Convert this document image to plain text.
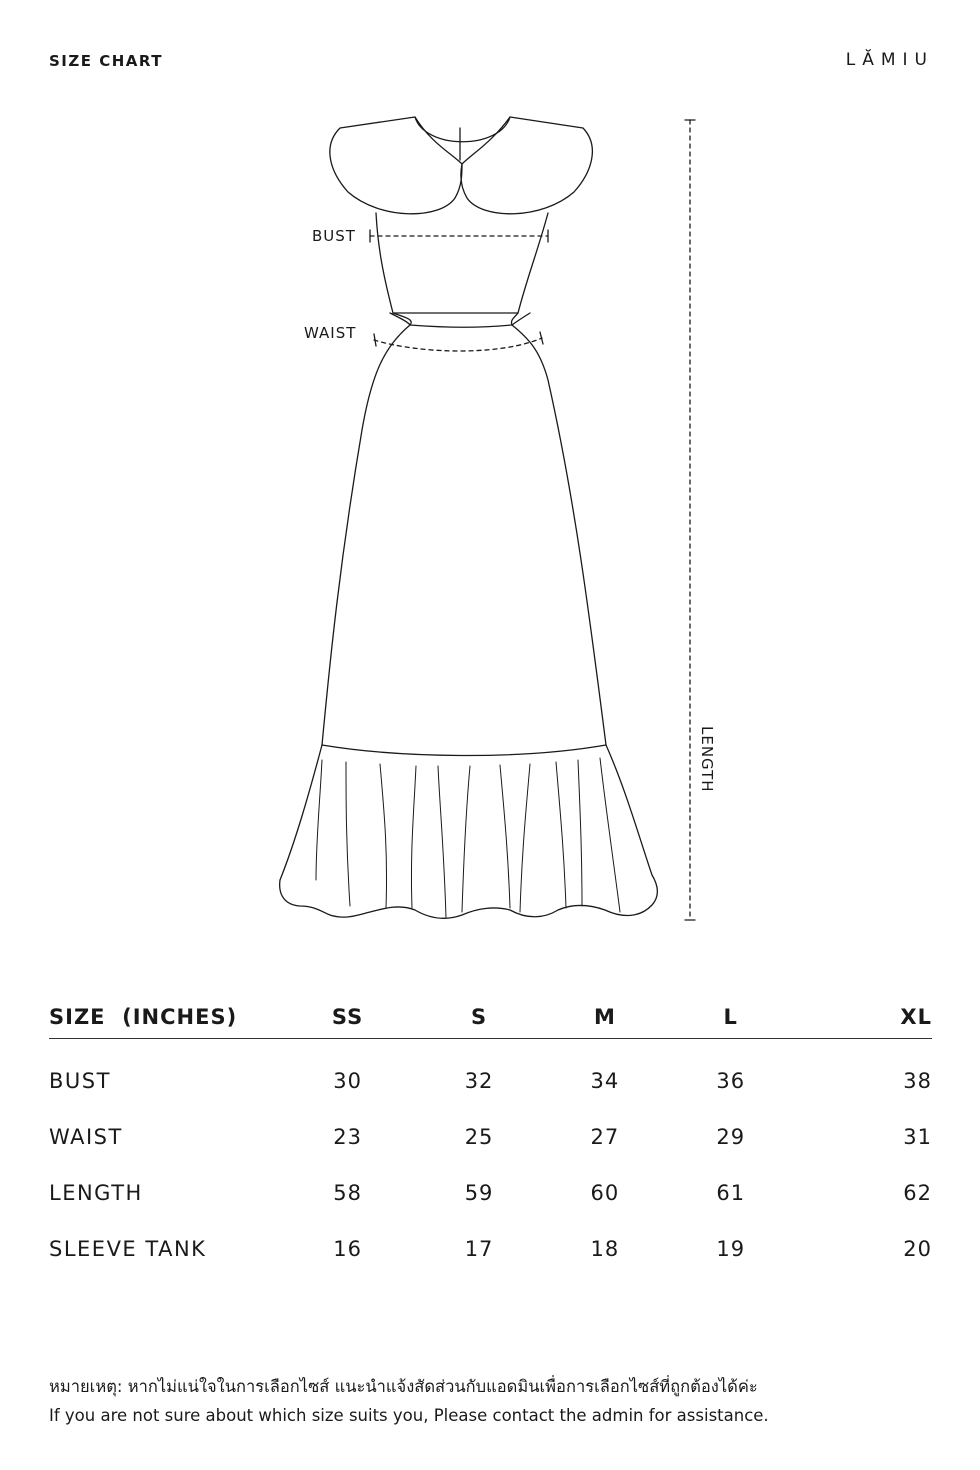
SIZE CHART	LĂMIU
BUST
WAIST
LENGTH
SIZE  (INCHES)	SS	S	M	L	XL
BUST	30	32	34	36	38
WAIST	23	25	27	29	31
LENGTH	58	59	60	61	62
SLEEVE TANK	16	17	18	19	20
หมายเหตุ: หากไม่แน่ใจในการเลือกไซส์ แนะนำแจ้งสัดส่วนกับแอดมินเพื่อการเลือกไซส์ที่ถูกต้องได้ค่ะ
If you are not sure about which size suits you, Please contact the admin for assistance.
